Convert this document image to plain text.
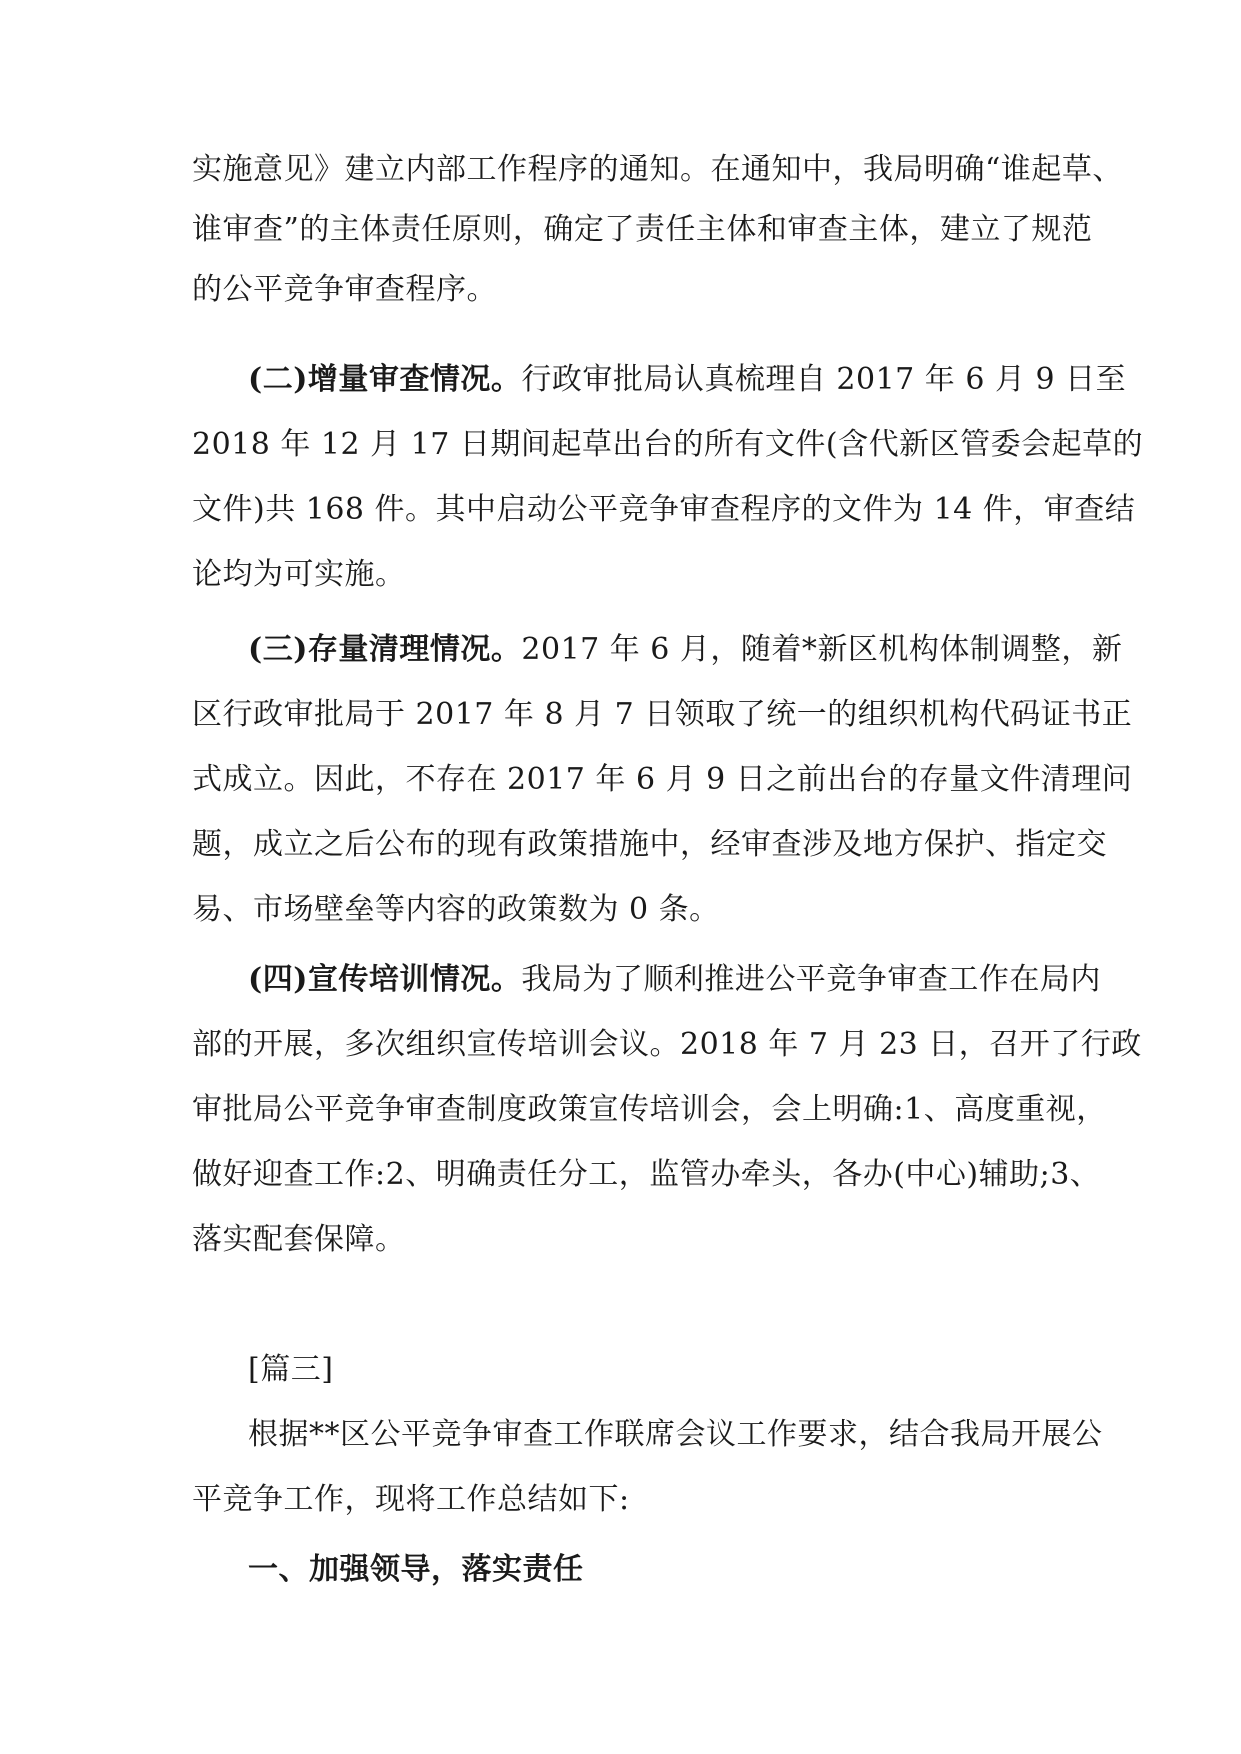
实施意见》建立内部工作程序的通知。在通知中，我局明确“谁起草、
谁审查”的主体责任原则，确定了责任主体和审查主体，建立了规范
的公平竞争审查程序。
(二)增量审查情况。行政审批局认真梳理自 2017 年 6 月 9 日至
2018 年 12 月 17 日期间起草出台的所有文件(含代新区管委会起草的
文件)共 168 件。其中启动公平竞争审查程序的文件为 14 件，审查结
论均为可实施。
(三)存量清理情况。2017 年 6 月，随着*新区机构体制调整，新
区行政审批局于 2017 年 8 月 7 日领取了统一的组织机构代码证书正
式成立。因此，不存在 2017 年 6 月 9 日之前出台的存量文件清理问
题，成立之后公布的现有政策措施中，经审查涉及地方保护、指定交
易、市场壁垒等内容的政策数为 0 条。
(四)宣传培训情况。我局为了顺利推进公平竞争审查工作在局内
部的开展，多次组织宣传培训会议。2018 年 7 月 23 日，召开了行政
审批局公平竞争审查制度政策宣传培训会，会上明确:1、高度重视，
做好迎查工作:2、明确责任分工，监管办牵头，各办(中心)辅助;3、
落实配套保障。
[篇三]
根据**区公平竞争审查工作联席会议工作要求，结合我局开展公
平竞争工作，现将工作总结如下:
一、加强领导，落实责任
